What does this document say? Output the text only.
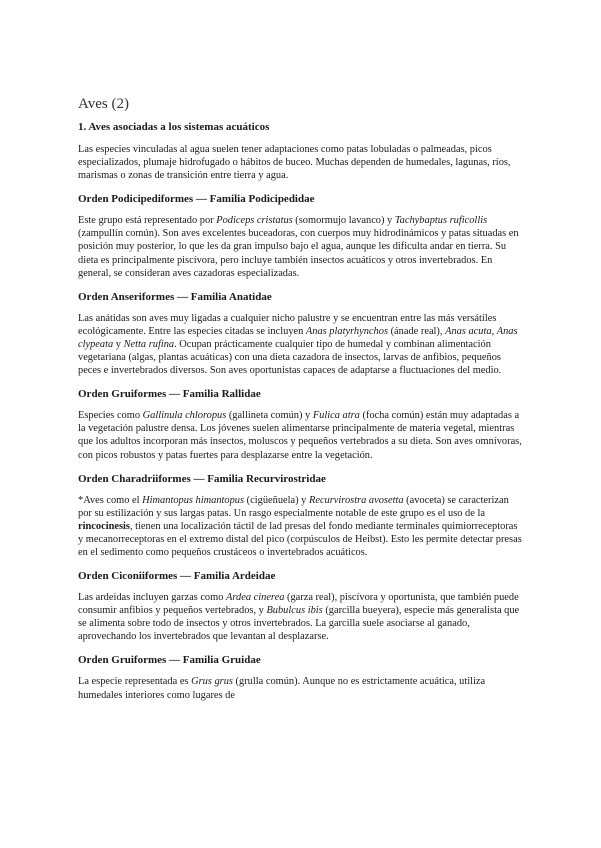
Aves (2)
1. Aves asociadas a los sistemas acuáticos

Las especies vinculadas al agua suelen tener adaptaciones como patas lobuladas o palmeadas, picos especializados, plumaje hidrofugado o hábitos de buceo. Muchas dependen de humedales, lagunas, ríos, marismas o zonas de transición entre tierra y agua.

Orden Podicipediformes — Familia Podicipedidae

Este grupo está representado por Podiceps cristatus (somormujo lavanco) y Tachybaptus ruficollis (zampullín común). Son aves excelentes buceadoras, con cuerpos muy hidrodinámicos y patas situadas en posición muy posterior, lo que les da gran impulso bajo el agua, aunque les dificulta andar en tierra. Su dieta es principalmente piscívora, pero incluye también insectos acuáticos y otros invertebrados. En general, se consideran aves cazadoras especializadas.

Orden Anseriformes — Familia Anatidae

Las anátidas son aves muy ligadas a cualquier nicho palustre y se encuentran entre las más versátiles ecológicamente. Entre las especies citadas se incluyen Anas platyrhynchos (ánade real), Anas acuta, Anas clypeata y Netta rufina. Ocupan prácticamente cualquier tipo de humedal y combinan alimentación vegetariana (algas, plantas acuáticas) con una dieta cazadora de insectos, larvas de anfibios, pequeños peces e invertebrados diversos. Son aves oportunistas capaces de adaptarse a fluctuaciones del medio.

Orden Gruiformes — Familia Rallidae

Especies como Gallinula chloropus (gallineta común) y Fulica atra (focha común) están muy adaptadas a la vegetación palustre densa. Los jóvenes suelen alimentarse principalmente de materia vegetal, mientras que los adultos incorporan más insectos, moluscos y pequeños vertebrados a su dieta. Son aves omnívoras, con picos robustos y patas fuertes para desplazarse entre la vegetación.

Orden Charadriiformes — Familia Recurvirostridae

*Aves como el Himantopus himantopus (cigüeñuela) y Recurvirostra avosetta (avoceta) se caracterizan por su estilización y sus largas patas. Un rasgo especialmente notable de este grupo es el uso de la rincocinesis, tienen una localización táctil de lad presas del fondo mediante terminales quimiorreceptoras y mecanorreceptoras en el extremo distal del pico (corpúsculos de Heibst). Esto les permite detectar presas en el sedimento como pequeños crustáceos o invertebrados acuáticos.

Orden Ciconiiformes — Familia Ardeidae

Las ardeidas incluyen garzas como Ardea cinerea (garza real), piscívora y oportunista, que también puede consumir anfibios y pequeños vertebrados, y Bubulcus ibis (garcilla bueyera), especie más generalista que se alimenta sobre todo de insectos y otros invertebrados. La garcilla suele asociarse al ganado, aprovechando los invertebrados que levantan al desplazarse.

Orden Gruiformes — Familia Gruidae

La especie representada es Grus grus (grulla común). Aunque no es estrictamente acuática, utiliza humedales interiores como lugares de
